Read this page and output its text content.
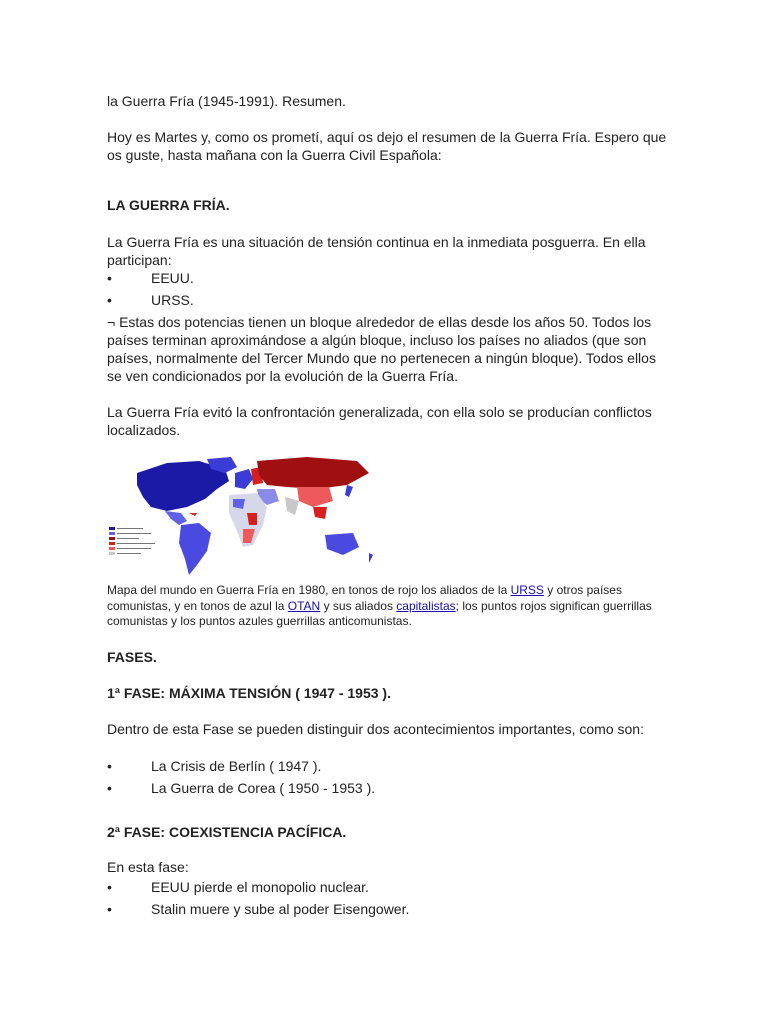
la Guerra Fría (1945-1991). Resumen.

Hoy es Martes y, como os prometí, aquí os dejo el resumen de la Guerra Fría. Espero que os guste, hasta mañana con la Guerra Civil Española:

LA GUERRA FRÍA.

La Guerra Fría es una situación de tensión continua en la inmediata posguerra. En ella participan:

•	EEUU.
•	URSS.

¬ Estas dos potencias tienen un bloque alrededor de ellas desde los años 50. Todos los países terminan aproximándose a algún bloque, incluso los países no aliados (que son países, normalmente del Tercer Mundo que no pertenecen a ningún bloque). Todos ellos se ven condicionados por la evolución de la Guerra Fría.

La Guerra Fría evitó la confrontación generalizada, con ella solo se producían conflictos localizados.

Mapa del mundo en Guerra Fría en 1980, en tonos de rojo los aliados de la URSS y otros países comunistas, y en tonos de azul la OTAN y sus aliados capitalistas; los puntos rojos significan guerrillas comunistas y los puntos azules guerrillas anticomunistas.

FASES.
1ª FASE: MÁXIMA TENSIÓN ( 1947 - 1953 ).

Dentro de esta Fase se pueden distinguir dos acontecimientos importantes, como son:

•	La Crisis de Berlín ( 1947 ).
•	La Guerra de Corea ( 1950 - 1953 ).
2ª FASE: COEXISTENCIA PACÍFICA.

En esta fase:

•	EEUU pierde el monopolio nuclear.
•	Stalin muere y sube al poder Eisengower.
